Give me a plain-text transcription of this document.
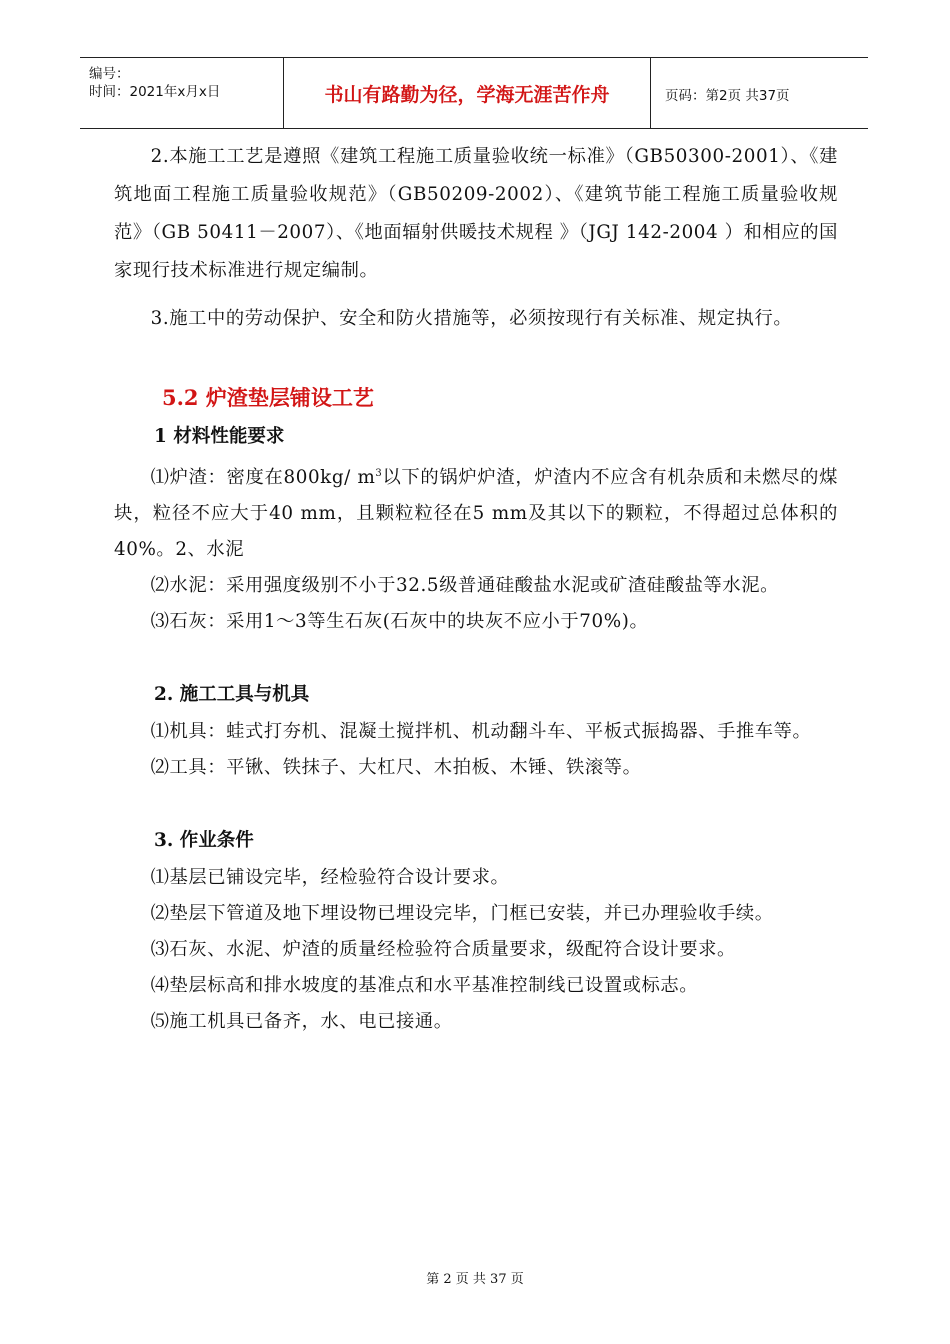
编号：
时间：2021年x月x日	书山有路勤为径，学海无涯苦作舟	页码：第2页 共37页

2.本施工工艺是遵照《建筑工程施工质量验收统一标准》（GB50300-2001）、《建筑地面工程施工质量验收规范》（GB50209-2002）、《建筑节能工程施工质量验收规范》（GB 50411－2007）、《地面辐射供暖技术规程 》（JGJ 142-2004 ）和相应的国家现行技术标准进行规定编制。

3.施工中的劳动保护、安全和防火措施等，必须按现行有关标准、规定执行。

5.2 炉渣垫层铺设工艺

1 材料性能要求

⑴炉渣：密度在800kg/ $m^3$以下的锅炉炉渣，炉渣内不应含有机杂质和未燃尽的煤块，粒径不应大于40 mm，且颗粒粒径在5 mm及其以下的颗粒，不得超过总体积的40%。2、水泥

⑵水泥：采用强度级别不小于32.5级普通硅酸盐水泥或矿渣硅酸盐等水泥。

⑶石灰：采用1～3等生石灰(石灰中的块灰不应小于70%)。

2. 施工工具与机具

⑴机具：蛙式打夯机、混凝土搅拌机、机动翻斗车、平板式振捣器、手推车等。

⑵工具：平锹、铁抹子、大杠尺、木拍板、木锤、铁滚等。

3. 作业条件

⑴基层已铺设完毕，经检验符合设计要求。

⑵垫层下管道及地下埋设物已埋设完毕，门框已安装，并已办理验收手续。

⑶石灰、水泥、炉渣的质量经检验符合质量要求，级配符合设计要求。

⑷垫层标高和排水坡度的基准点和水平基准控制线已设置或标志。

⑸施工机具已备齐，水、电已接通。

第 2 页 共 37 页
